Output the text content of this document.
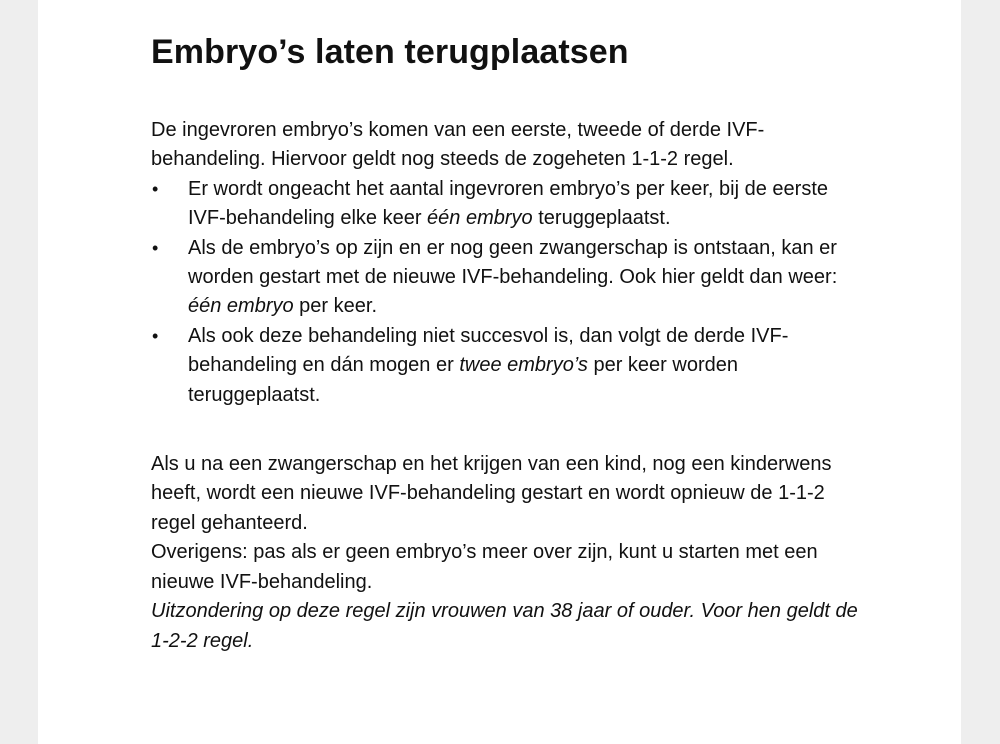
Embryo’s laten terugplaatsen

De ingevroren embryo’s komen van een eerste, tweede of derde IVF-behandeling. Hiervoor geldt nog steeds de zogeheten 1-1-2 regel.

• Er wordt ongeacht het aantal ingevroren embryo’s per keer, bij de eerste IVF-behandeling elke keer één embryo teruggeplaatst.
• Als de embryo’s op zijn en er nog geen zwangerschap is ontstaan, kan er worden gestart met de nieuwe IVF-behandeling. Ook hier geldt dan weer: één embryo per keer.
• Als ook deze behandeling niet succesvol is, dan volgt de derde IVF-behandeling en dán mogen er twee embryo’s per keer worden teruggeplaatst.

Als u na een zwangerschap en het krijgen van een kind, nog een kinderwens heeft, wordt een nieuwe IVF-behandeling gestart en wordt opnieuw de 1-1-2 regel gehanteerd.

Overigens: pas als er geen embryo’s meer over zijn, kunt u starten met een nieuwe IVF-behandeling.

Uitzondering op deze regel zijn vrouwen van 38 jaar of ouder. Voor hen geldt de 1-2-2 regel.
